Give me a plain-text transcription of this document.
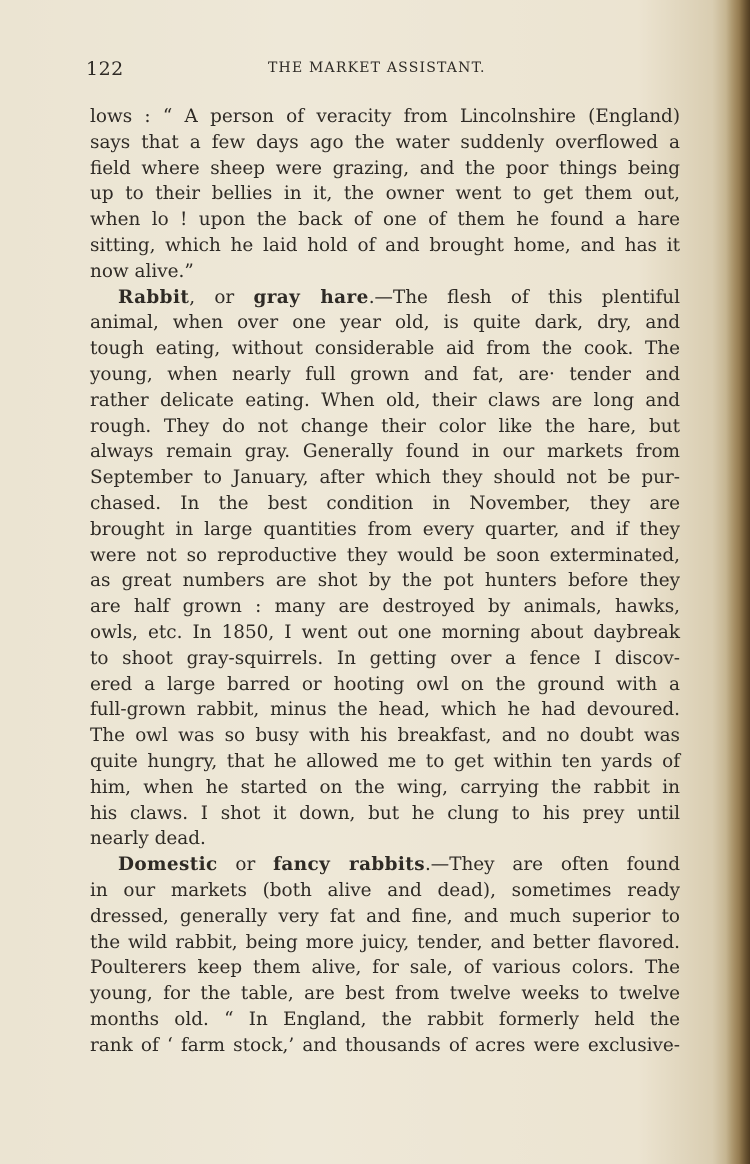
122	THE MARKET ASSISTANT.
lows : “ A person of veracity from Lincolnshire (England)
says that a few days ago the water suddenly overflowed a
field where sheep were grazing, and the poor things being
up to their bellies in it, the owner went to get them out,
when lo ! upon the back of one of them he found a hare
sitting, which he laid hold of and brought home, and has it
now alive.”
Rabbit, or gray hare.—The flesh of this plentiful
animal, when over one year old, is quite dark, dry, and
tough eating, without considerable aid from the cook. The
young, when nearly full grown and fat, are· tender and
rather delicate eating. When old, their claws are long and
rough. They do not change their color like the hare, but
always remain gray. Generally found in our markets from
September to January, after which they should not be pur-
chased. In the best condition in November, they are
brought in large quantities from every quarter, and if they
were not so reproductive they would be soon exterminated,
as great numbers are shot by the pot hunters before they
are half grown : many are destroyed by animals, hawks,
owls, etc. In 1850, I went out one morning about daybreak
to shoot gray-squirrels. In getting over a fence I discov-
ered a large barred or hooting owl on the ground with a
full-grown rabbit, minus the head, which he had devoured.
The owl was so busy with his breakfast, and no doubt was
quite hungry, that he allowed me to get within ten yards of
him, when he started on the wing, carrying the rabbit in
his claws. I shot it down, but he clung to his prey until
nearly dead.
Domestic or fancy rabbits.—They are often found
in our markets (both alive and dead), sometimes ready
dressed, generally very fat and fine, and much superior to
the wild rabbit, being more juicy, tender, and better flavored.
Poulterers keep them alive, for sale, of various colors. The
young, for the table, are best from twelve weeks to twelve
months old. “ In England, the rabbit formerly held the
rank of ‘ farm stock,’ and thousands of acres were exclusive-
